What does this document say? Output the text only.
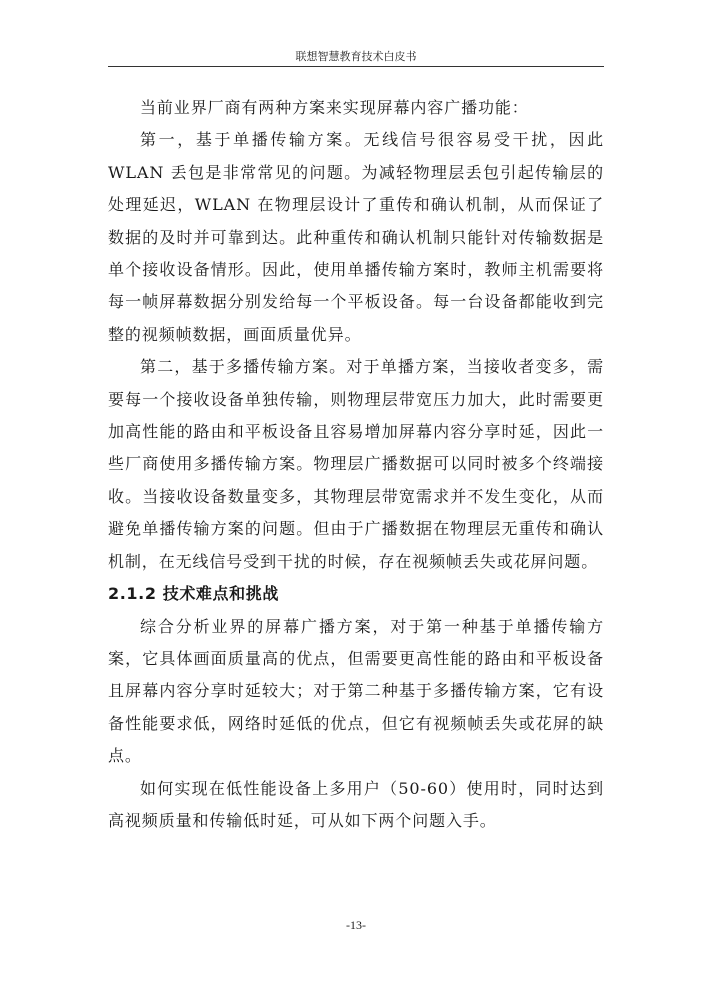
联想智慧教育技术白皮书

当前业界厂商有两种方案来实现屏幕内容广播功能：

第一，基于单播传输方案。无线信号很容易受干扰，因此 WLAN 丢包是非常常见的问题。为减轻物理层丢包引起传输层的处理延迟，WLAN 在物理层设计了重传和确认机制，从而保证了数据的及时并可靠到达。此种重传和确认机制只能针对传输数据是单个接收设备情形。因此，使用单播传输方案时，教师主机需要将每一帧屏幕数据分别发给每一个平板设备。每一台设备都能收到完整的视频帧数据，画面质量优异。

第二，基于多播传输方案。对于单播方案，当接收者变多，需要每一个接收设备单独传输，则物理层带宽压力加大，此时需要更加高性能的路由和平板设备且容易增加屏幕内容分享时延，因此一些厂商使用多播传输方案。物理层广播数据可以同时被多个终端接收。当接收设备数量变多，其物理层带宽需求并不发生变化，从而避免单播传输方案的问题。但由于广播数据在物理层无重传和确认机制，在无线信号受到干扰的时候，存在视频帧丢失或花屏问题。

2.1.2 技术难点和挑战

综合分析业界的屏幕广播方案，对于第一种基于单播传输方案，它具体画面质量高的优点，但需要更高性能的路由和平板设备且屏幕内容分享时延较大；对于第二种基于多播传输方案，它有设备性能要求低，网络时延低的优点，但它有视频帧丢失或花屏的缺点。

如何实现在低性能设备上多用户（50-60）使用时，同时达到高视频质量和传输低时延，可从如下两个问题入手。

-13-
